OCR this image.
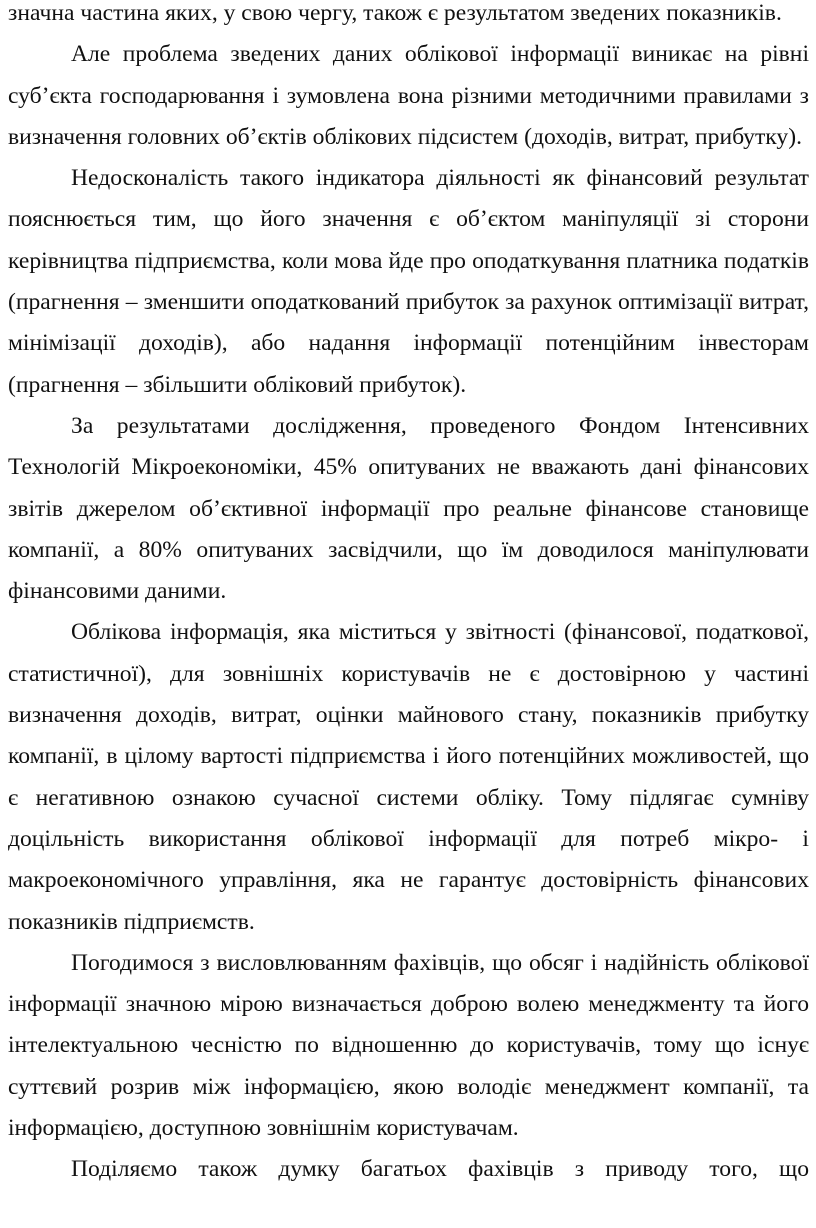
значна частина яких, у свою чергу, також є результатом зведених показників.

Але проблема зведених даних облікової інформації виникає на рівні суб’єкта господарювання і зумовлена вона різними методичними правилами з визначення головних об’єктів облікових підсистем (доходів, витрат, прибутку).

Недосконалість такого індикатора діяльності як фінансовий результат пояснюється тим, що його значення є об’єктом маніпуляції зі сторони керівництва підприємства, коли мова йде про оподаткування платника податків (прагнення – зменшити оподаткований прибуток за рахунок оптимізації витрат, мінімізації доходів), або надання інформації потенційним інвесторам (прагнення – збільшити обліковий прибуток).

За результатами дослідження, проведеного Фондом Інтенсивних Технологій Мікроекономіки, 45% опитуваних не вважають дані фінансових звітів джерелом об’єктивної інформації про реальне фінансове становище компанії, а 80% опитуваних засвідчили, що їм доводилося маніпулювати фінансовими даними.

Облікова інформація, яка міститься у звітності (фінансової, податкової, статистичної), для зовнішніх користувачів не є достовірною у частині визначення доходів, витрат, оцінки майнового стану, показників прибутку компанії, в цілому вартості підприємства і його потенційних можливостей, що є негативною ознакою сучасної системи обліку. Тому підлягає сумніву доцільність використання облікової інформації для потреб мікро- і макроекономічного управління, яка не гарантує достовірність фінансових показників підприємств.

Погодимося з висловлюванням фахівців, що обсяг і надійність облікової інформації значною мірою визначається доброю волею менеджменту та його інтелектуальною чесністю по відношенню до користувачів, тому що існує суттєвий розрив між інформацією, якою володіє менеджмент компанії, та інформацією, доступною зовнішнім користувачам.

Поділяємо також думку багатьох фахівців з приводу того, що
